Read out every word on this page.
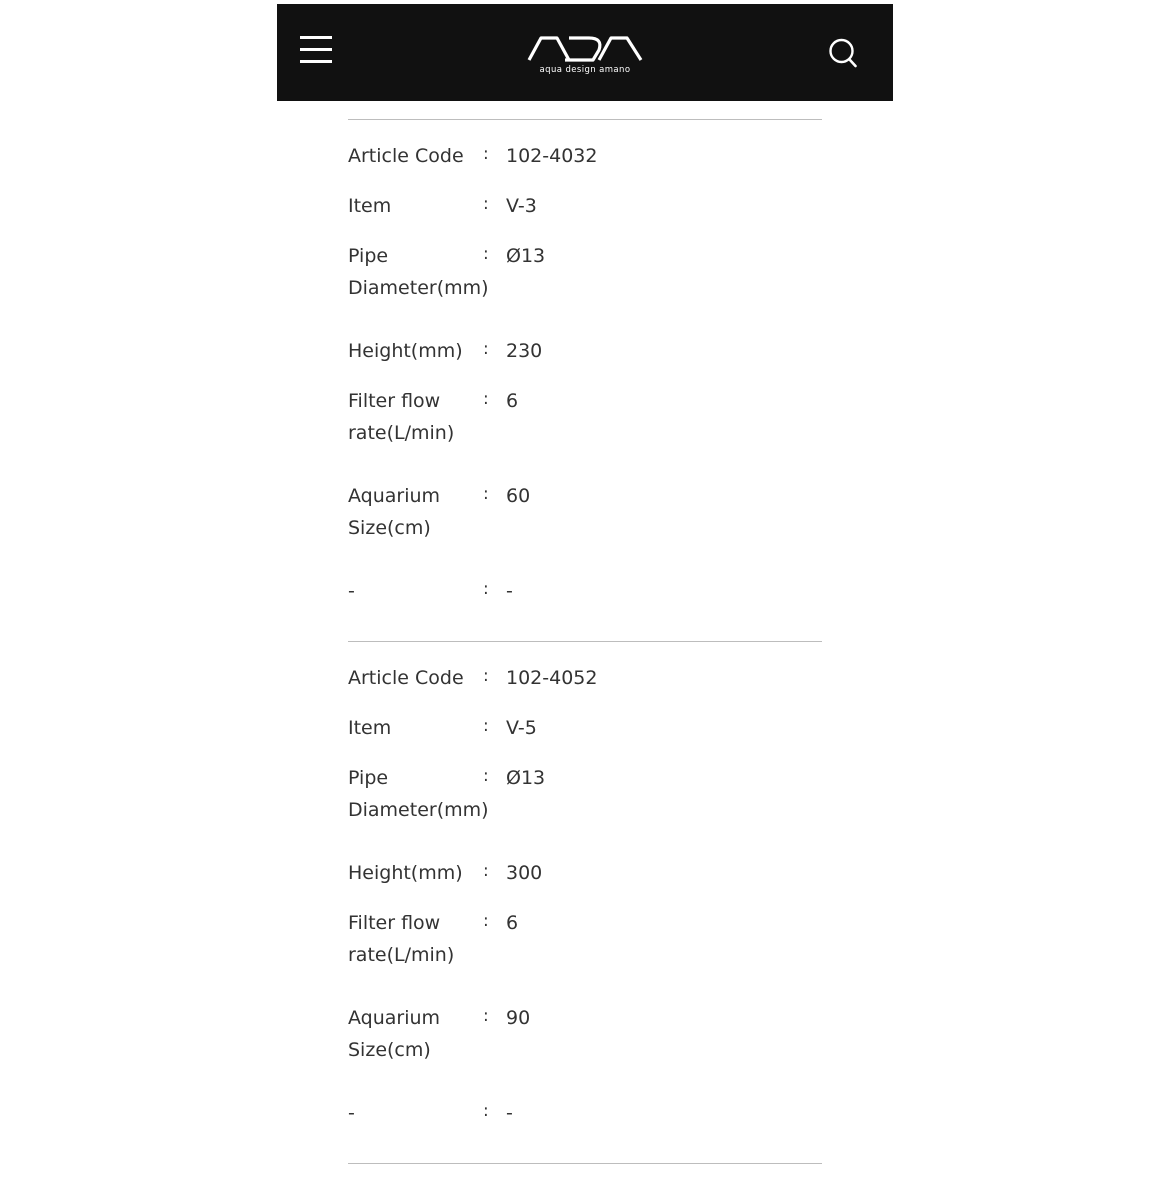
aqua design amano
Article Code	: 102-4032
Item	: V-3
Pipe Diameter(mm)
: Ø13
Height(mm)	: 230
Filter flow rate(L/min)
: 6
Aquarium Size(cm)
: 60
-	: -
Article Code	: 102-4052
Item	: V-5
Pipe Diameter(mm)
: Ø13
Height(mm)	: 300
Filter flow rate(L/min)
: 6
Aquarium Size(cm)
: 90
-	: -
